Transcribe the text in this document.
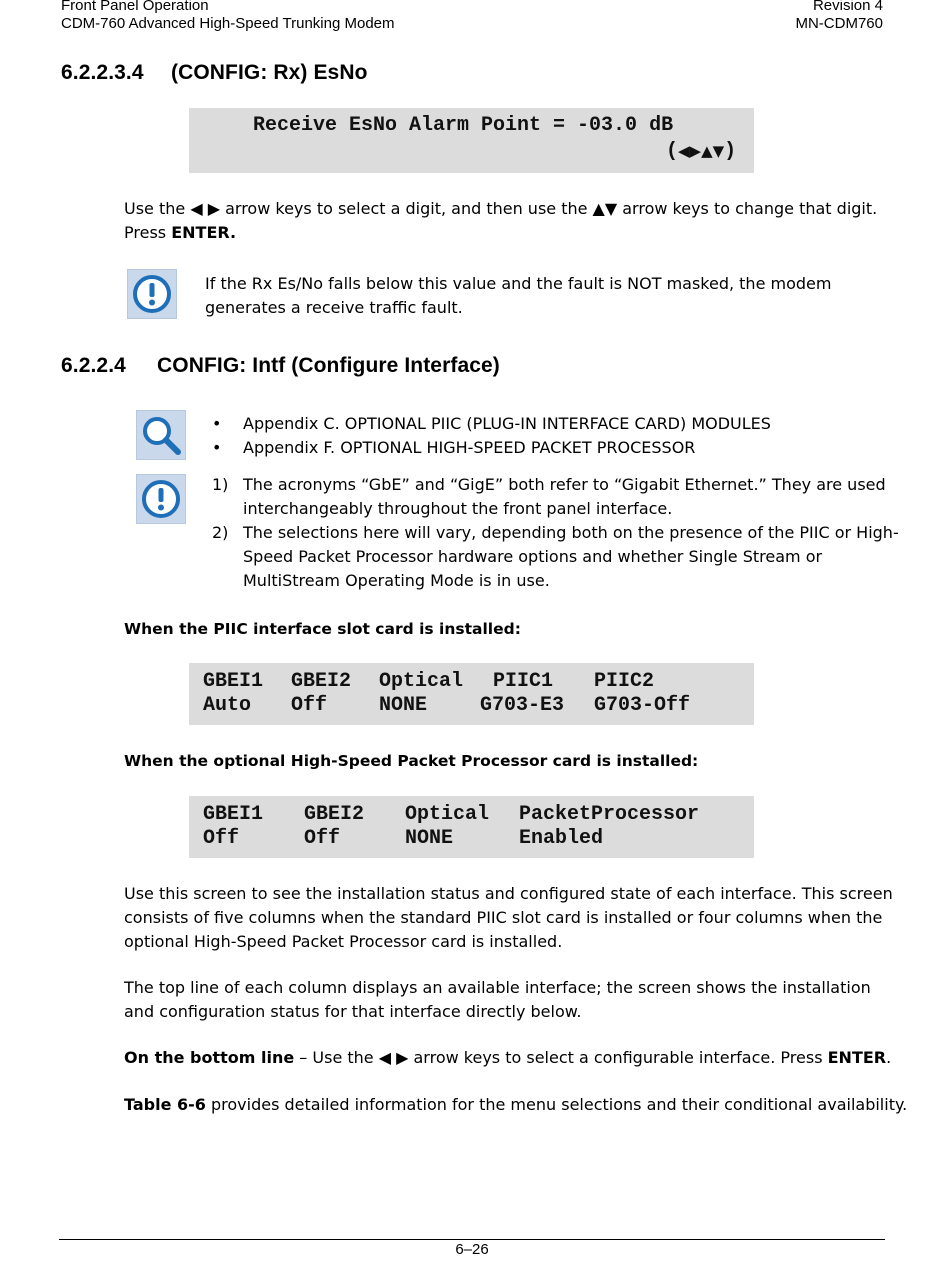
Front Panel Operation
CDM-760 Advanced High-Speed Trunking Modem
Revision 4
MN-CDM760
6.2.2.3.4 (CONFIG: Rx) EsNo
Receive EsNo Alarm Point = -03.0 dB
(◀▶▲▼)
Use the ◀ ▶ arrow keys to select a digit, and then use the ▲▼ arrow keys to change that digit.
Press ENTER.
If the Rx Es/No falls below this value and the fault is NOT masked, the modem
generates a receive traffic fault.
6.2.2.4 CONFIG: Intf (Configure Interface)
• Appendix C. OPTIONAL PIIC (PLUG-IN INTERFACE CARD) MODULES
• Appendix F. OPTIONAL HIGH-SPEED PACKET PROCESSOR
1) The acronyms “GbE” and “GigE” both refer to “Gigabit Ethernet.” They are used
interchangeably throughout the front panel interface.
2) The selections here will vary, depending both on the presence of the PIIC or High-
Speed Packet Processor hardware options and whether Single Stream or
MultiStream Operating Mode is in use.
When the PIIC interface slot card is installed:
GBEI1 GBEI2 Optical PIIC1 PIIC2
Auto Off	NONE	G703-E3 G703-Off
When the optional High-Speed Packet Processor card is installed:
GBEI1 GBEI2 Optical PacketProcessor
Off	Off	NONE	Enabled
Use this screen to see the installation status and configured state of each interface. This screen
consists of five columns when the standard PIIC slot card is installed or four columns when the
optional High-Speed Packet Processor card is installed.
The top line of each column displays an available interface; the screen shows the installation
and configuration status for that interface directly below.
On the bottom line – Use the ◀ ▶ arrow keys to select a configurable interface. Press ENTER.
Table 6-6 provides detailed information for the menu selections and their conditional availability.
6–26
